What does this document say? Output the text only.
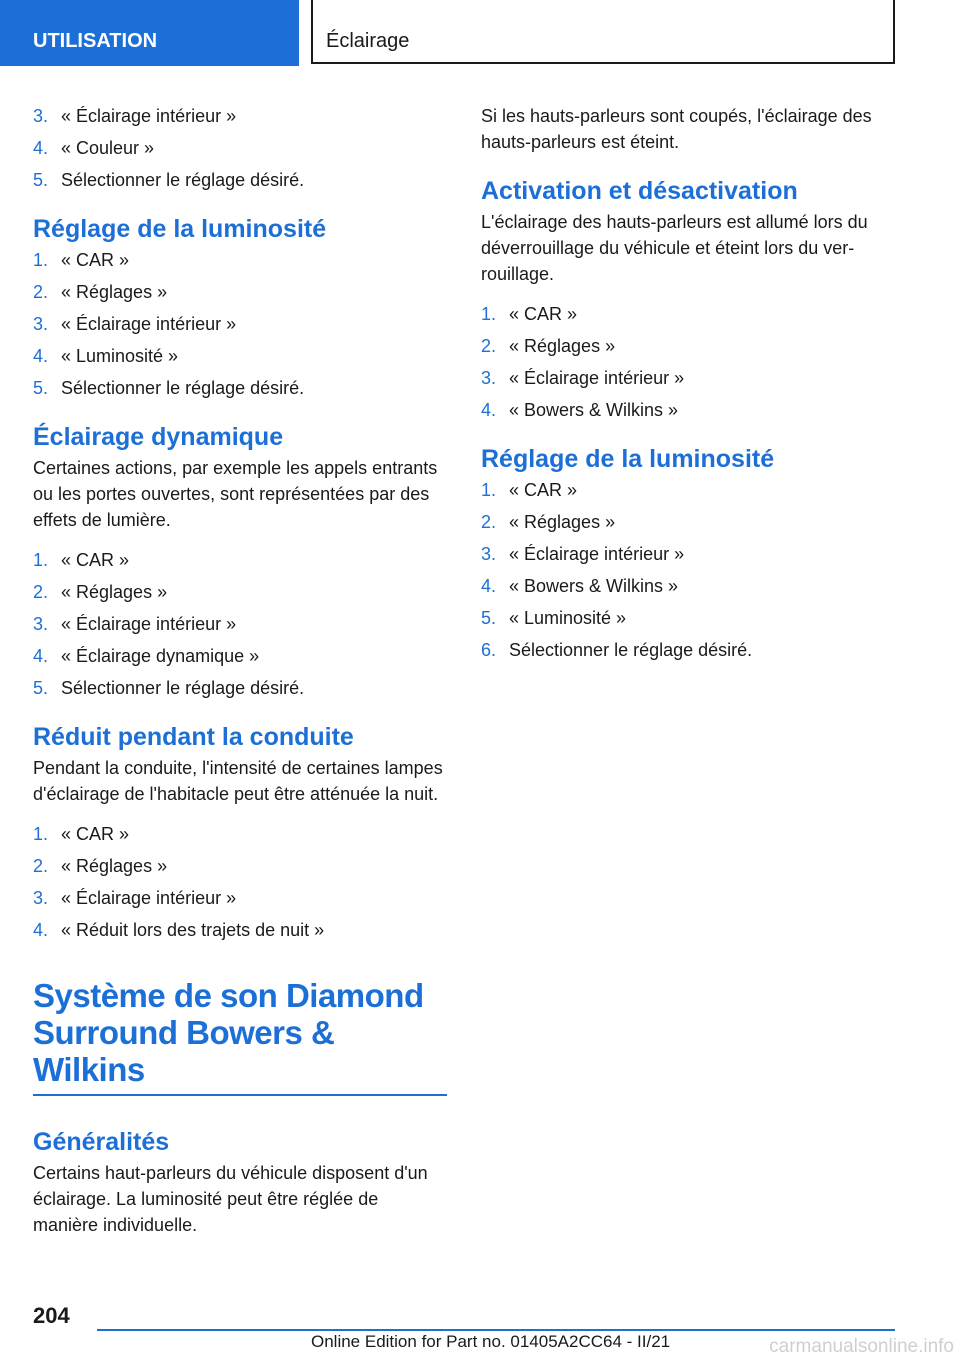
UTILISATION	Éclairage
3. « Éclairage intérieur »
4. « Couleur »
5. Sélectionner le réglage désiré.
Réglage de la luminosité
1. « CAR »
2. « Réglages »
3. « Éclairage intérieur »
4. « Luminosité »
5. Sélectionner le réglage désiré.
Éclairage dynamique
Certaines actions, par exemple les appels entrants ou les portes ouvertes, sont représentées par des effets de lumière.
1. « CAR »
2. « Réglages »
3. « Éclairage intérieur »
4. « Éclairage dynamique »
5. Sélectionner le réglage désiré.
Réduit pendant la conduite
Pendant la conduite, l'intensité de certaines lampes d'éclairage de l'habitacle peut être atténuée la nuit.
1. « CAR »
2. « Réglages »
3. « Éclairage intérieur »
4. « Réduit lors des trajets de nuit »
Système de son Diamond Surround Bowers & Wilkins
Généralités
Certains haut-parleurs du véhicule disposent d'un éclairage. La luminosité peut être réglée de manière individuelle.
Si les hauts-parleurs sont coupés, l'éclairage des hauts-parleurs est éteint.
Activation et désactivation
L'éclairage des hauts-parleurs est allumé lors du déverrouillage du véhicule et éteint lors du verrouillage.
1. « CAR »
2. « Réglages »
3. « Éclairage intérieur »
4. « Bowers & Wilkins »
Réglage de la luminosité
1. « CAR »
2. « Réglages »
3. « Éclairage intérieur »
4. « Bowers & Wilkins »
5. « Luminosité »
6. Sélectionner le réglage désiré.
204
Online Edition for Part no. 01405A2CC64 - II/21	carmanualsonline.info
